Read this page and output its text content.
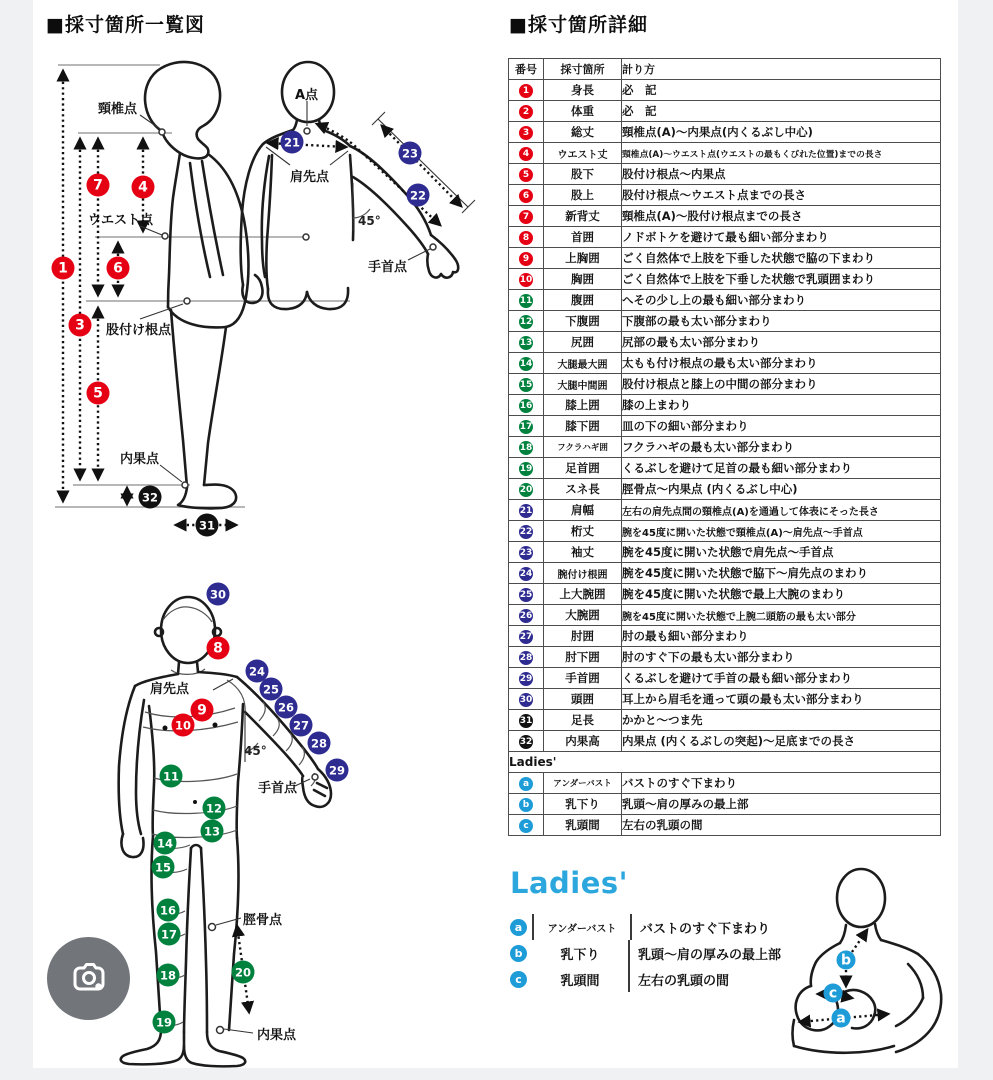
■採寸箇所一覧図	■採寸箇所詳細
頸椎点
ウエスト点
股付け根点
内果点
A点
肩先点
手首点
45°
1
3
7
5
6
4
32
31
21
23
22
肩先点
45°
手首点
脛骨点
内果点
30
8
9
10
24
25
26
27
28
29
11
12
13
14
15
16
17
18
19
20
番号	採寸箇所	計り方
1	身長	必　記
2	体重	必　記
3	総丈	頸椎点(A)〜内果点(内くるぶし中心)
4	ウエスト丈	頸椎点(A)〜ウエスト点(ウエストの最もくびれた位置)までの長さ
5	股下	股付け根点〜内果点
6	股上	股付け根点〜ウエスト点までの長さ
7	新背丈	頸椎点(A)〜股付け根点までの長さ
8	首囲	ノドボトケを避けて最も細い部分まわり
9	上胸囲	ごく自然体で上肢を下垂した状態で脇の下まわり
10	胸囲	ごく自然体で上肢を下垂した状態で乳頭囲まわり
11	腹囲	へその少し上の最も細い部分まわり
12	下腹囲	下腹部の最も太い部分まわり
13	尻囲	尻部の最も太い部分まわり
14	大腿最大囲	太もも付け根点の最も太い部分まわり
15	大腿中間囲	股付け根点と膝上の中間の部分まわり
16	膝上囲	膝の上まわり
17	膝下囲	皿の下の細い部分まわり
18	フクラハギ囲	フクラハギの最も太い部分まわり
19	足首囲	くるぶしを避けて足首の最も細い部分まわり
20	スネ長	脛骨点〜内果点 (内くるぶし中心)
21	肩幅	左右の肩先点間の頸椎点(A)を通過して体表にそった長さ
22	桁丈	腕を45度に開いた状態で頸椎点(A)〜肩先点〜手首点
23	袖丈	腕を45度に開いた状態で肩先点〜手首点
24	腕付け根囲	腕を45度に開いた状態で脇下〜肩先点のまわり
25	上大腕囲	腕を45度に開いた状態で最上大腕のまわり
26	大腕囲	腕を45度に開いた状態で上腕二頭筋の最も太い部分
27	肘囲	肘の最も細い部分まわり
28	肘下囲	肘のすぐ下の最も太い部分まわり
29	手首囲	くるぶしを避けて手首の最も細い部分まわり
30	頭囲	耳上から眉毛を通って頭の最も太い部分まわり
31	足長	かかと〜つま先
32	内果高	内果点 (内くるぶしの突起)〜足底までの長さ
Ladies'		
a	アンダーバスト	バストのすぐ下まわり
b	乳下り	乳頭〜肩の厚みの最上部
c	乳頭間	左右の乳頭の間
Ladies'
a	アンダーバスト	バストのすぐ下まわり
b	乳下り	乳頭〜肩の厚みの最上部
c	乳頭間	左右の乳頭の間
b
c
a
